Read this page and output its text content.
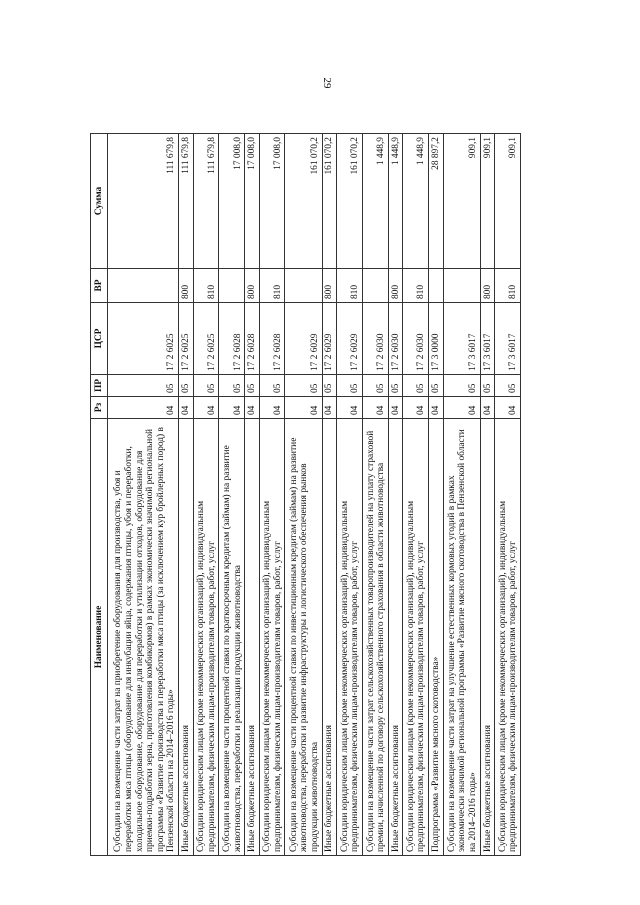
29
Наименование	Рз	ПР	ЦСР	ВР	Сумма
Субсидии на возмещение части затрат на приобретение оборудования для производства, убоя и переработки мяса птицы (оборудование для инкубации яйца, содержания птицы, убоя и переработки, холодильное оборудование, оборудование для переработки и утилизации отходов, оборудование для приемки-подработки зерна, приготовления комбикормов) в рамках экономически значимой региональной программы «Развитие производства и переработки мяса птицы (за исключением кур бройлерных пород) в Пензенской области на 2014–2016 годы»	04	05	17 2 6025		111 679,8
Иные бюджетные ассигнования	04	05	17 2 6025	800	111 679,8
Субсидии юридическим лицам (кроме некоммерческих организаций), индивидуальным предпринимателям, физическим лицам-производителям товаров, работ, услуг	04	05	17 2 6025	810	111 679,8
Субсидии на возмещение части процентной ставки по краткосрочным кредитам (займам) на развитие животноводства, переработки и реализации продукции животноводства	04	05	17 2 6028		17 008,0
Иные бюджетные ассигнования	04	05	17 2 6028	800	17 008,0
Субсидии юридическим лицам (кроме некоммерческих организаций), индивидуальным предпринимателям, физическим лицам-производителям товаров, работ, услуг	04	05	17 2 6028	810	17 008,0
Субсидии на возмещение части процентной ставки по инвестиционным кредитам (займам) на развитие животноводства, переработки и развитие инфраструктуры и логистического обеспечения рынков продукции животноводства	04	05	17 2 6029		161 070,2
Иные бюджетные ассигнования	04	05	17 2 6029	800	161 070,2
Субсидии юридическим лицам (кроме некоммерческих организаций), индивидуальным предпринимателям, физическим лицам-производителям товаров, работ, услуг	04	05	17 2 6029	810	161 070,2
Субсидии на возмещение части затрат сельскохозяйственных товаропроизводителей на уплату страховой премии, начисленной по договору сельскохозяйственного страхования в области животноводства	04	05	17 2 6030		1 448,9
Иные бюджетные ассигнования	04	05	17 2 6030	800	1 448,9
Субсидии юридическим лицам (кроме некоммерческих организаций), индивидуальным предпринимателям, физическим лицам-производителям товаров, работ, услуг	04	05	17 2 6030	810	1 448,9
Подпрограмма «Развитие мясного скотоводства»	04	05	17 3 0000		28 897,2
Субсидии на возмещение части затрат на улучшение естественных кормовых угодий в рамках экономически значимой региональной программы «Развитие мясного скотоводства в Пензенской области на 2014–2016 годы»	04	05	17 3 6017		909,1
Иные бюджетные ассигнования	04	05	17 3 6017	800	909,1
Субсидии юридическим лицам (кроме некоммерческих организаций), индивидуальным предпринимателям, физическим лицам-производителям товаров, работ, услуг	04	05	17 3 6017	810	909,1
